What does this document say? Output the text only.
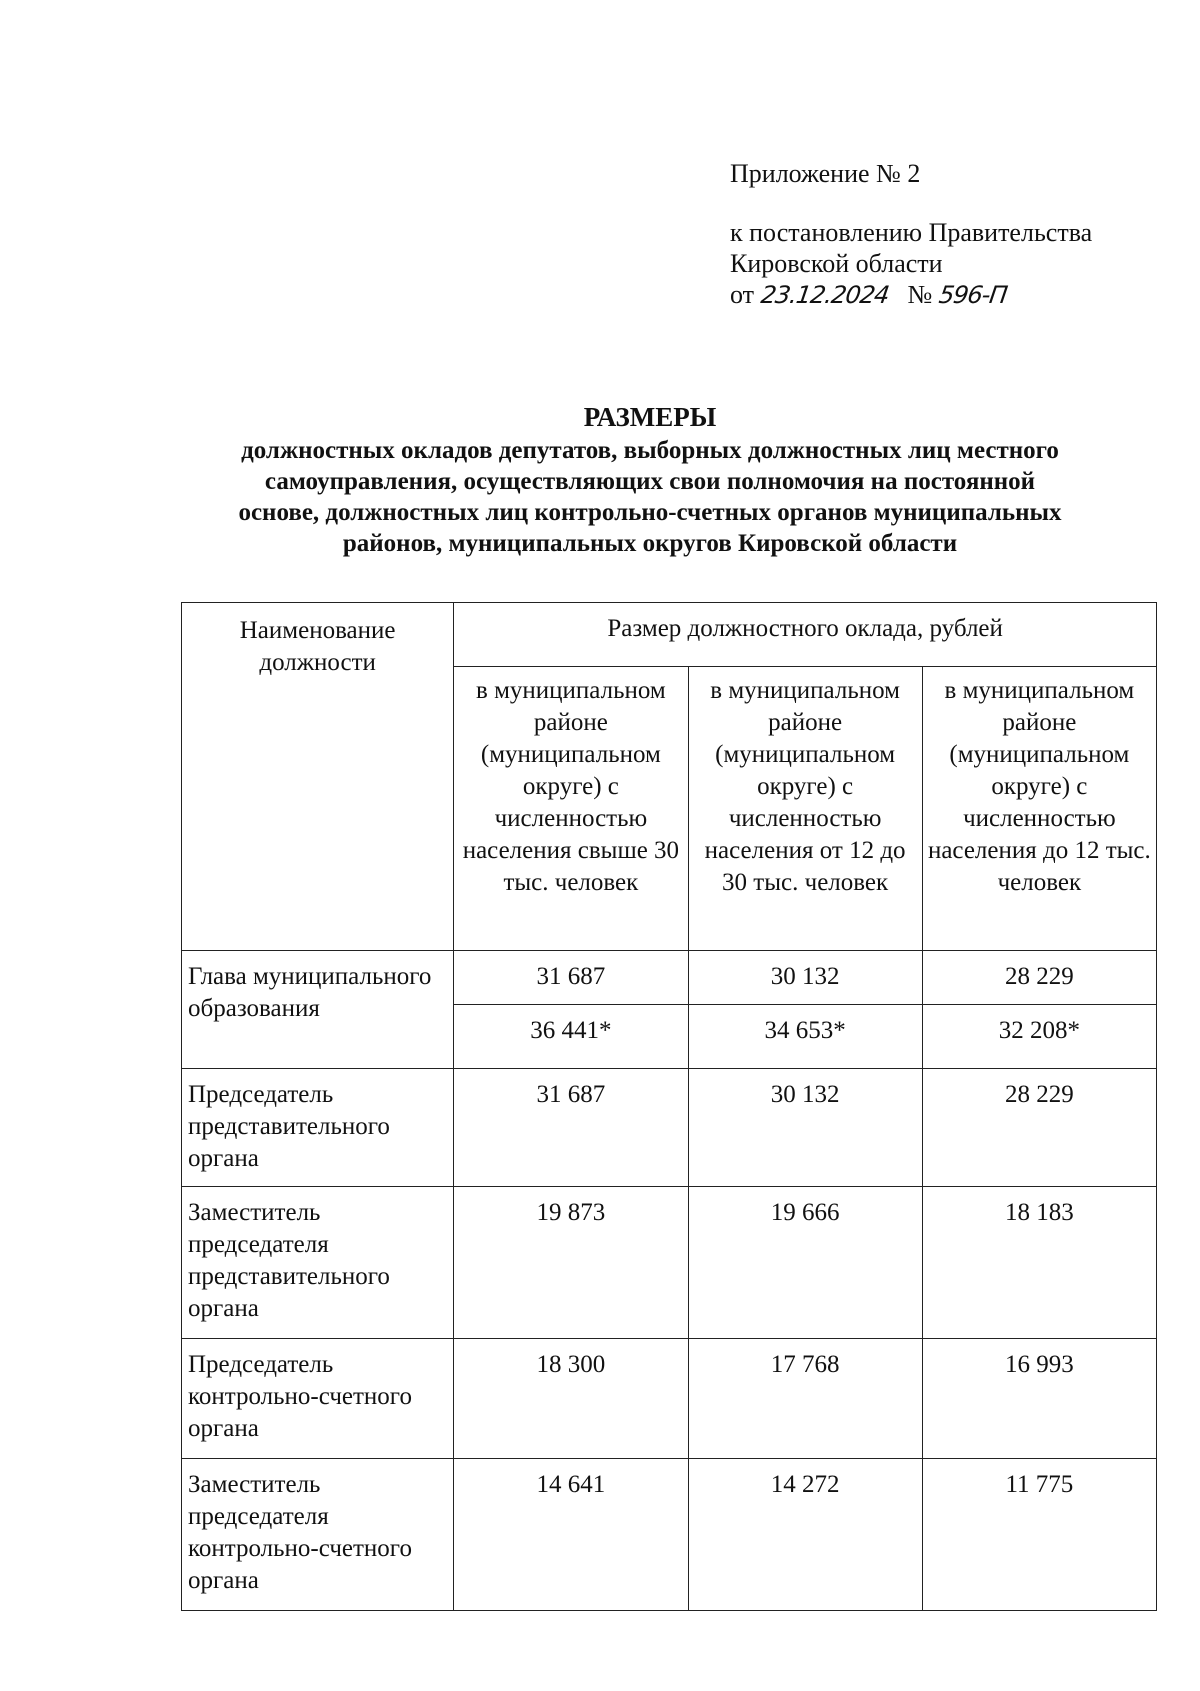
Приложение № 2
к постановлению Правительства
Кировской области
от 23.12.2024 № 596-П
РАЗМЕРЫ
должностных окладов депутатов, выборных должностных лиц местного
самоуправления, осуществляющих свои полномочия на постоянной
основе, должностных лиц контрольно-счетных органов муниципальных
районов, муниципальных округов Кировской области
Наименование должности	Размер должностного оклада, рублей		
	в муниципальном районе (муниципальном округе) с численностью населения свыше 30 тыс. человек	в муниципальном районе (муниципальном округе) с численностью населения от 12 до 30 тыс. человек	в муниципальном районе (муниципальном округе) с численностью населения до 12 тыс. человек
Глава муниципального образования	31 687	30 132	28 229
	36 441*	34 653*	32 208*
Председатель представительного органа	31 687	30 132	28 229
Заместитель председателя представительного органа	19 873	19 666	18 183
Председатель контрольно-счетного органа	18 300	17 768	16 993
Заместитель председателя контрольно-счетного органа	14 641	14 272	11 775
